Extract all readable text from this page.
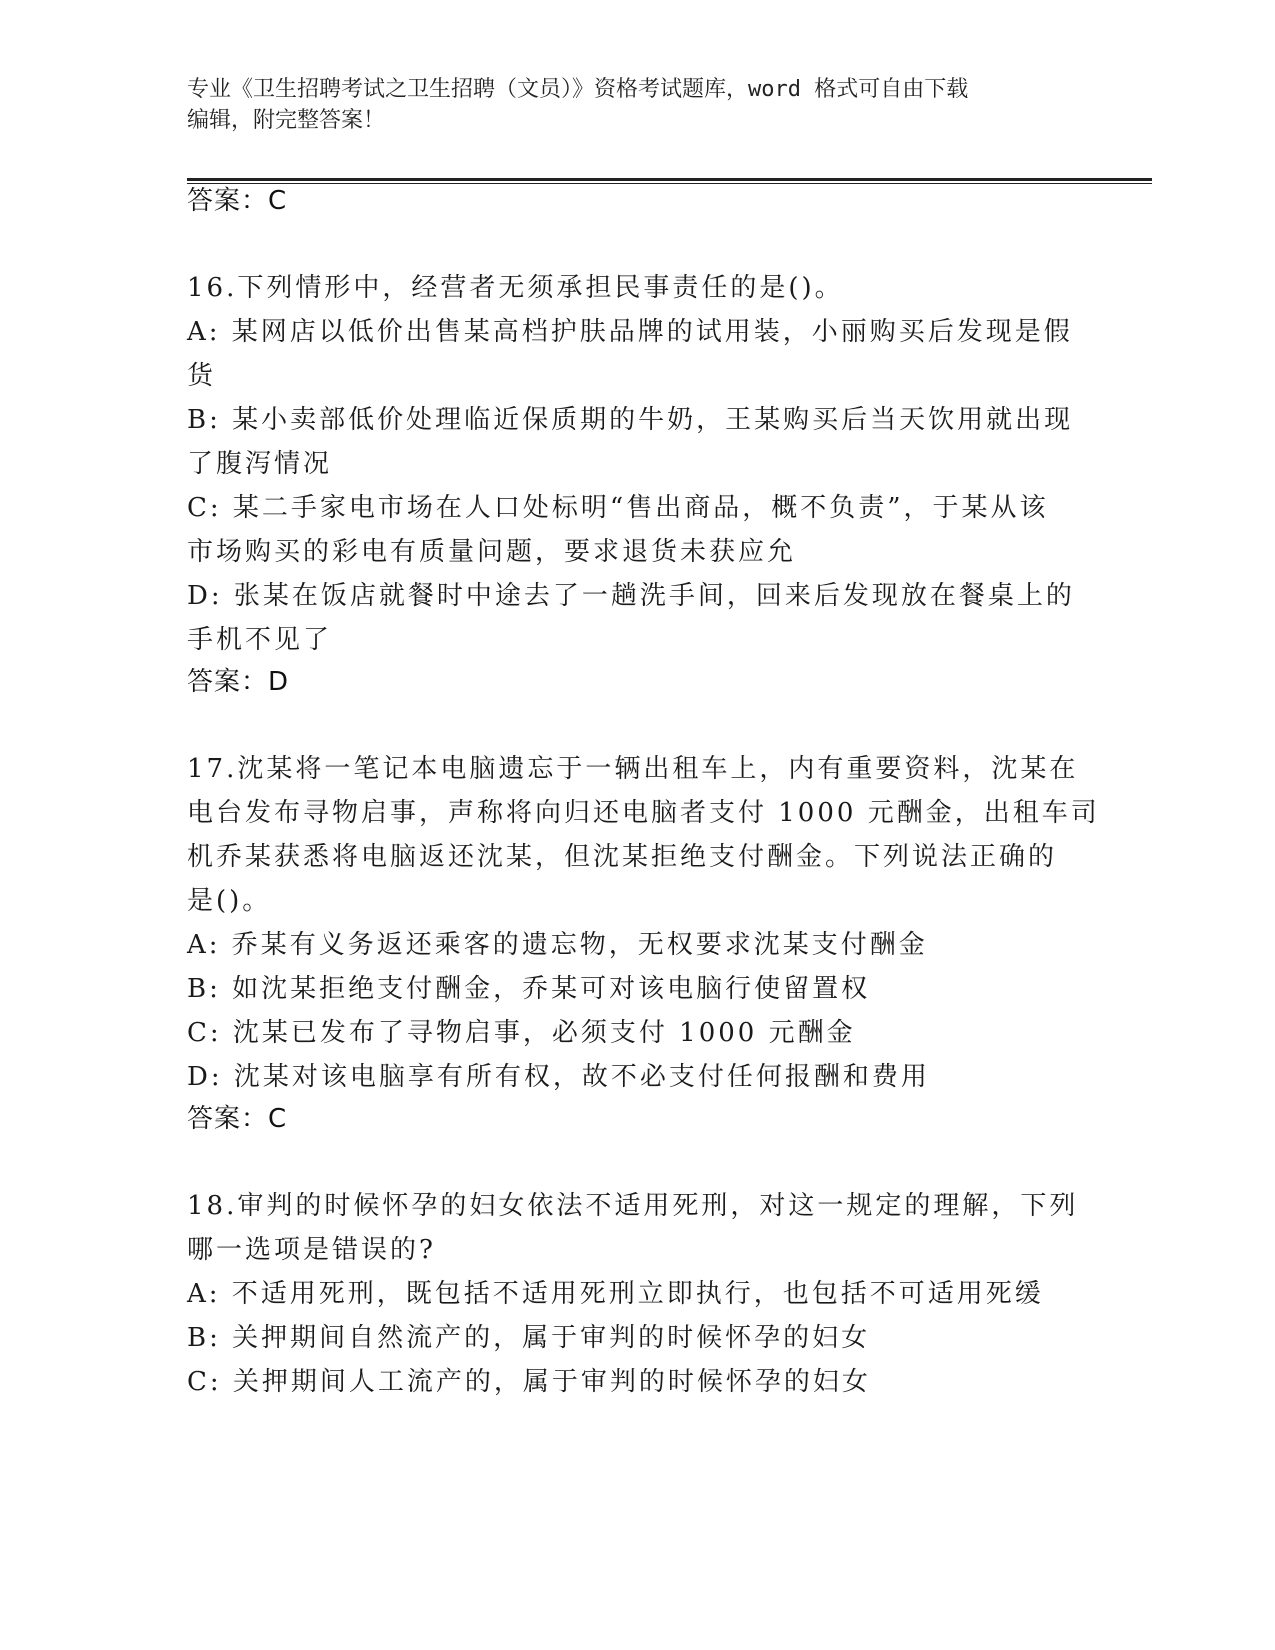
专业《卫生招聘考试之卫生招聘（文员）》资格考试题库，word 格式可自由下载
编辑，附完整答案！
答案：C
16.下列情形中，经营者无须承担民事责任的是()。
A: 某网店以低价出售某高档护肤品牌的试用装，小丽购买后发现是假
货
B: 某小卖部低价处理临近保质期的牛奶，王某购买后当天饮用就出现
了腹泻情况
C: 某二手家电市场在人口处标明“售出商品，概不负责”，于某从该
市场购买的彩电有质量问题，要求退货未获应允
D: 张某在饭店就餐时中途去了一趟洗手间，回来后发现放在餐桌上的
手机不见了
答案：D
17.沈某将一笔记本电脑遗忘于一辆出租车上，内有重要资料，沈某在
电台发布寻物启事，声称将向归还电脑者支付 1000 元酬金，出租车司
机乔某获悉将电脑返还沈某，但沈某拒绝支付酬金。下列说法正确的
是()。
A: 乔某有义务返还乘客的遗忘物，无权要求沈某支付酬金
B: 如沈某拒绝支付酬金，乔某可对该电脑行使留置权
C: 沈某已发布了寻物启事，必须支付 1000 元酬金
D: 沈某对该电脑享有所有权，故不必支付任何报酬和费用
答案：C
18.审判的时候怀孕的妇女依法不适用死刑，对这一规定的理解，下列
哪一选项是错误的?
A: 不适用死刑，既包括不适用死刑立即执行，也包括不可适用死缓
B: 关押期间自然流产的，属于审判的时候怀孕的妇女
C: 关押期间人工流产的，属于审判的时候怀孕的妇女
